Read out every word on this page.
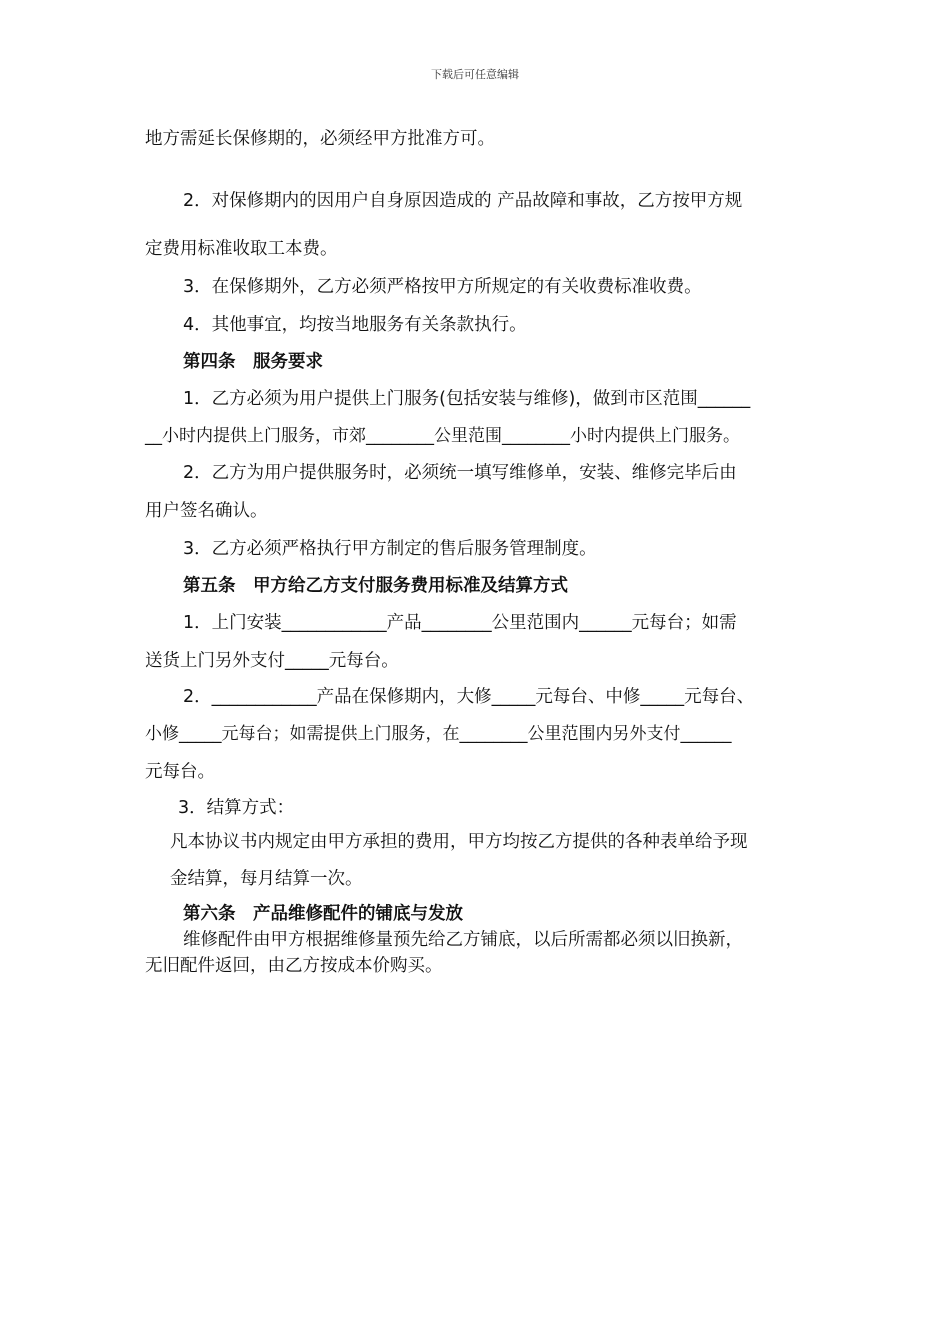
下载后可任意编辑
地方需延长保修期的，必须经甲方批准方可。
2．对保修期内的因用户自身原因造成的 产品故障和事故，乙方按甲方规
定费用标准收取工本费。
3．在保修期外，乙方必须严格按甲方所规定的有关收费标准收费。
4．其他事宜，均按当地服务有关条款执行。
第四条　服务要求
1．乙方必须为用户提供上门服务(包括安装与维修)，做到市区范围______
__小时内提供上门服务，市郊________公里范围________小时内提供上门服务。
2．乙方为用户提供服务时，必须统一填写维修单，安装、维修完毕后由
用户签名确认。
3．乙方必须严格执行甲方制定的售后服务管理制度。
第五条　甲方给乙方支付服务费用标准及结算方式
1．上门安装____________产品________公里范围内______元每台；如需
送货上门另外支付_____元每台。
2．____________产品在保修期内，大修_____元每台、中修_____元每台、
小修_____元每台；如需提供上门服务，在________公里范围内另外支付______
元每台。
3．结算方式：
凡本协议书内规定由甲方承担的费用，甲方均按乙方提供的各种表单给予现
金结算，每月结算一次。
第六条　产品维修配件的铺底与发放
维修配件由甲方根据维修量预先给乙方铺底，以后所需都必须以旧换新，
无旧配件返回，由乙方按成本价购买。
